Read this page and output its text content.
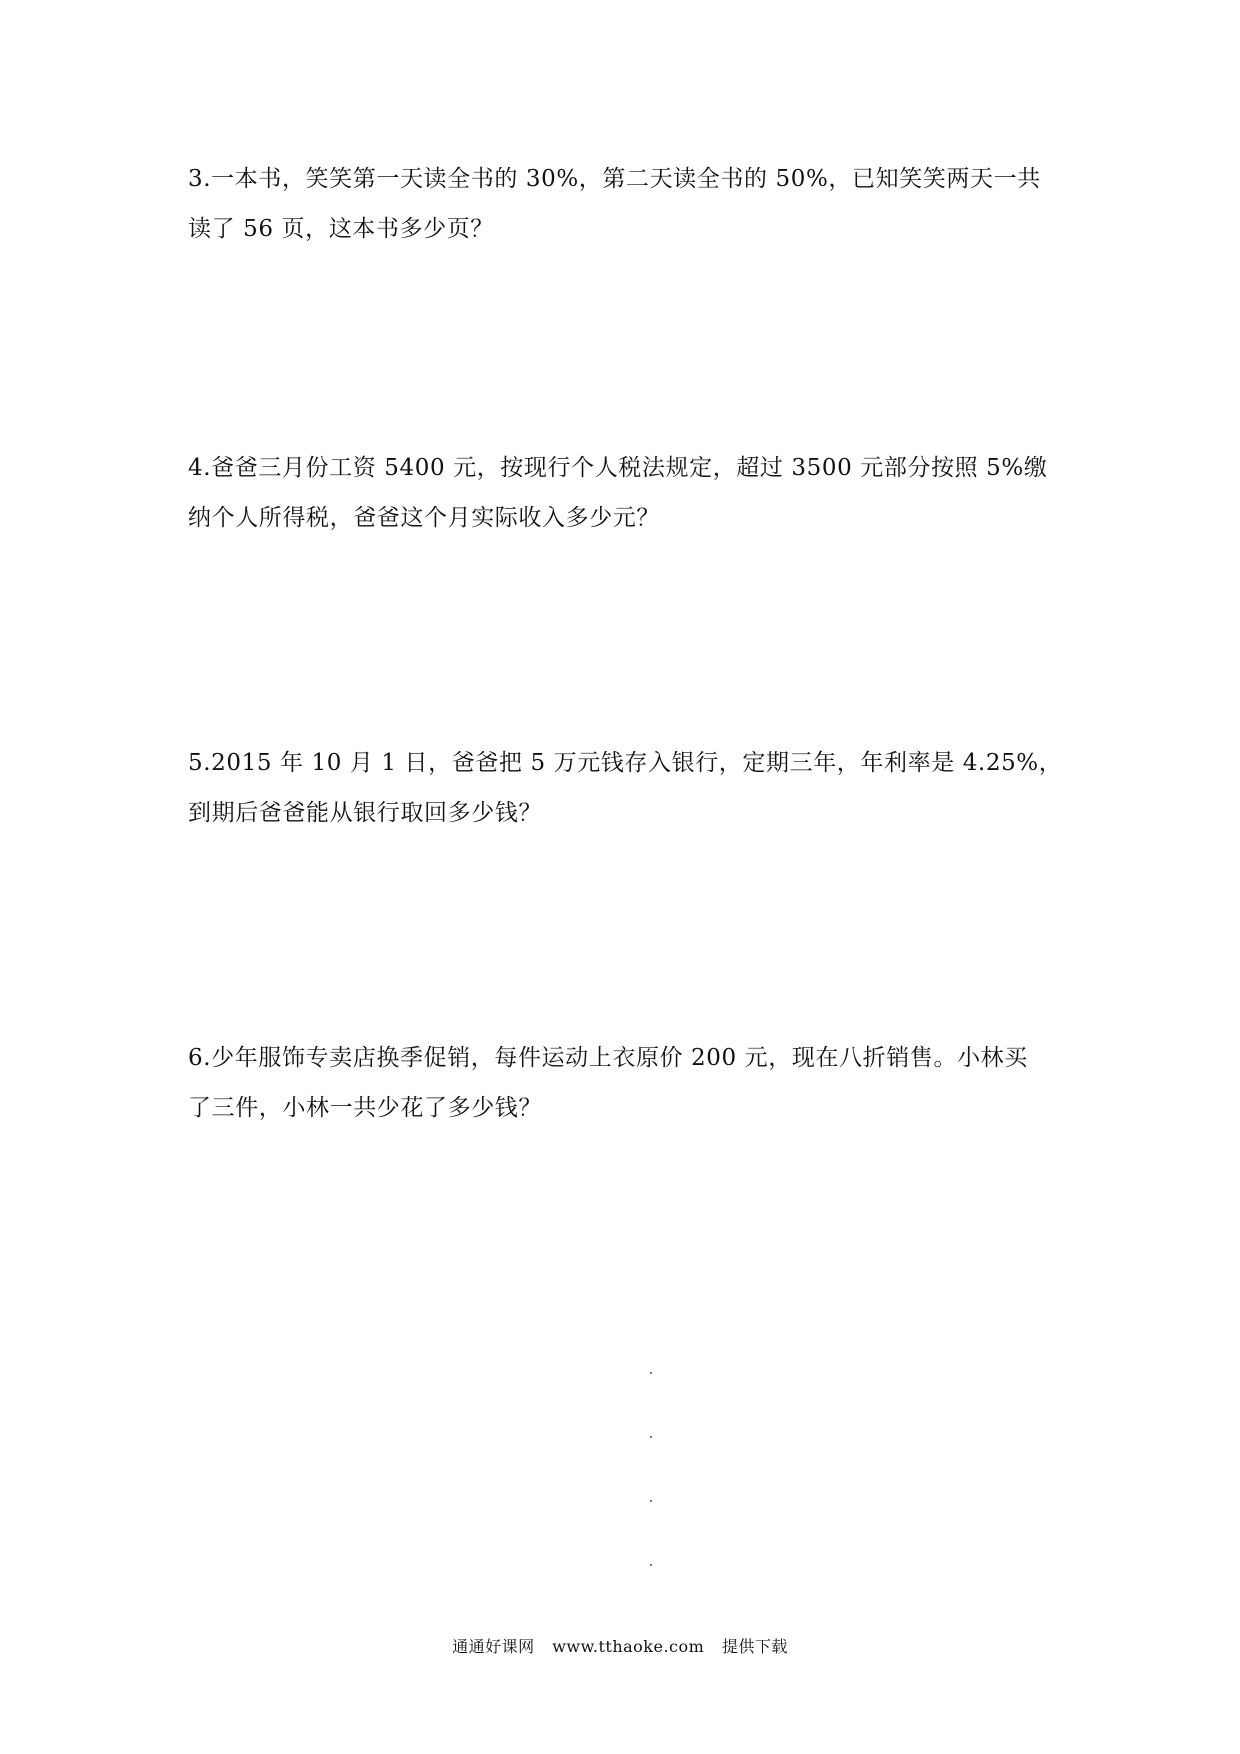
3.一本书，笑笑第一天读全书的 30%，第二天读全书的 50%，已知笑笑两天一共
读了 56 页，这本书多少页？
4.爸爸三月份工资 5400 元，按现行个人税法规定，超过 3500 元部分按照 5%缴
纳个人所得税，爸爸这个月实际收入多少元？
5.2015 年 10 月 1 日，爸爸把 5 万元钱存入银行，定期三年，年利率是 4.25%，
到期后爸爸能从银行取回多少钱？
6.少年服饰专卖店换季促销，每件运动上衣原价 200 元，现在八折销售。小林买
了三件，小林一共少花了多少钱？
通通好课网 www.tthaoke.com 提供下载
